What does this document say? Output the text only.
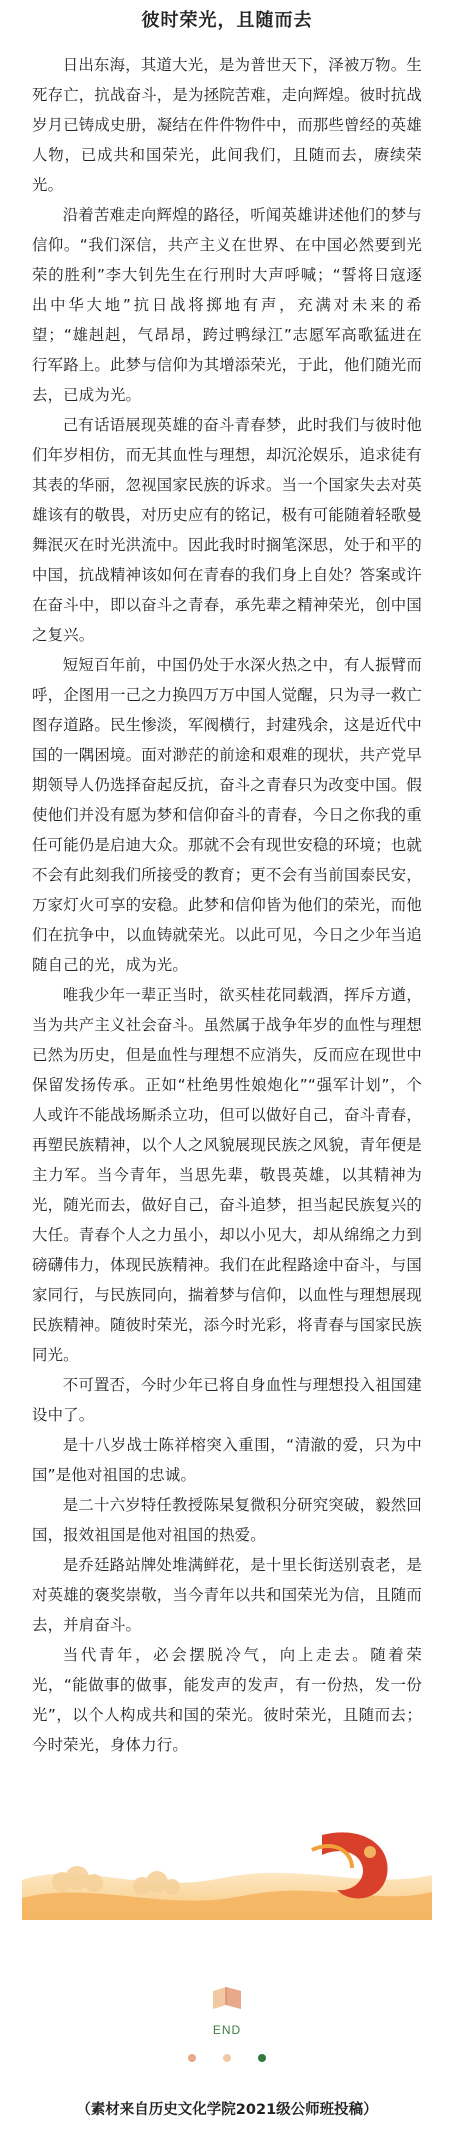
彼时荣光，且随而去

日出东海，其道大光，是为普世天下，泽被万物。生死存亡，抗战奋斗，是为拯院苦难，走向辉煌。彼时抗战岁月已铸成史册，凝结在件件物件中，而那些曾经的英雄人物，已成共和国荣光，此间我们，且随而去，赓续荣光。

沿着苦难走向辉煌的路径，听闻英雄讲述他们的梦与信仰。“我们深信，共产主义在世界、在中国必然要到光荣的胜利”李大钊先生在行刑时大声呼喊；“誓将日寇逐出中华大地”抗日战将掷地有声，充满对未来的希望；“雄赳赳，气昂昂，跨过鸭绿江”志愿军高歌猛进在行军路上。此梦与信仰为其增添荣光，于此，他们随光而去，已成为光。

己有话语展现英雄的奋斗青春梦，此时我们与彼时他们年岁相仿，而无其血性与理想，却沉沦娱乐，追求徒有其表的华丽，忽视国家民族的诉求。当一个国家失去对英雄该有的敬畏，对历史应有的铭记，极有可能随着轻歌曼舞泯灭在时光洪流中。因此我时时搁笔深思，处于和平的中国，抗战精神该如何在青春的我们身上自处？答案或许在奋斗中，即以奋斗之青春，承先辈之精神荣光，创中国之复兴。

短短百年前，中国仍处于水深火热之中，有人振臂而呼，企图用一己之力换四万万中国人觉醒，只为寻一救亡图存道路。民生惨淡，军阀横行，封建残余，这是近代中国的一隅困境。面对渺茫的前途和艰难的现状，共产党早期领导人仍选择奋起反抗，奋斗之青春只为改变中国。假使他们并没有愿为梦和信仰奋斗的青春，今日之你我的重任可能仍是启迪大众。那就不会有现世安稳的环境；也就不会有此刻我们所接受的教育；更不会有当前国泰民安，万家灯火可享的安稳。此梦和信仰皆为他们的荣光，而他们在抗争中，以血铸就荣光。以此可见，今日之少年当追随自己的光，成为光。

唯我少年一辈正当时，欲买桂花同载酒，挥斥方遒，当为共产主义社会奋斗。虽然属于战争年岁的血性与理想已然为历史，但是血性与理想不应消失，反而应在现世中保留发扬传承。正如“杜绝男性娘炮化”“强军计划”，个人或许不能战场厮杀立功，但可以做好自己，奋斗青春，再塑民族精神，以个人之风貌展现民族之风貌，青年便是主力军。当今青年，当思先辈，敬畏英雄，以其精神为光，随光而去，做好自己，奋斗追梦，担当起民族复兴的大任。青春个人之力虽小，却以小见大，却从绵绵之力到磅礴伟力，体现民族精神。我们在此程路途中奋斗，与国家同行，与民族同向，揣着梦与信仰，以血性与理想展现民族精神。随彼时荣光，添今时光彩，将青春与国家民族同光。

不可置否，今时少年已将自身血性与理想投入祖国建设中了。

是十八岁战士陈祥榕突入重围，“清澈的爱，只为中国”是他对祖国的忠诚。

是二十六岁特任教授陈杲复微积分研究突破，毅然回国，报效祖国是他对祖国的热爱。

是乔廷路站牌处堆满鲜花，是十里长街送别袁老，是对英雄的褒奖崇敬，当今青年以共和国荣光为信，且随而去，并肩奋斗。

当代青年，必会摆脱冷气，向上走去。随着荣光，“能做事的做事，能发声的发声，有一份热，发一份光”，以个人构成共和国的荣光。彼时荣光，且随而去；今时荣光，身体力行。

END

（素材来自历史文化学院2021级公师班投稿）
